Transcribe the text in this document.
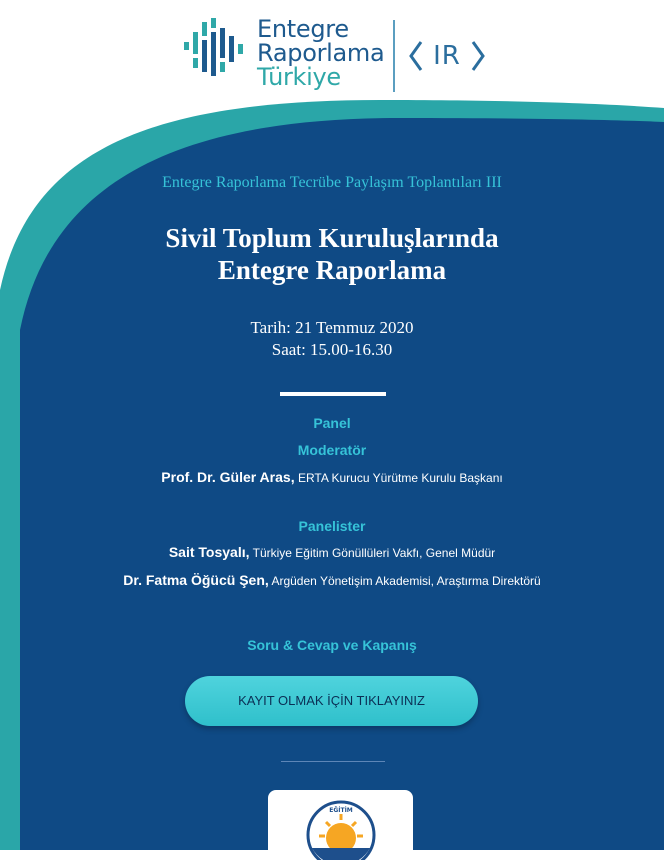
Entegre
Raporlama
Türkiye
IR
Entegre Raporlama Tecrübe Paylaşım Toplantıları III
Sivil Toplum Kuruluşlarında
Entegre Raporlama
Tarih: 21 Temmuz 2020
Saat: 15.00-16.30
Panel
Moderatör
Prof. Dr. Güler Aras, ERTA Kurucu Yürütme Kurulu Başkanı
Panelister
Sait Tosyalı, Türkiye Eğitim Gönüllüleri Vakfı, Genel Müdür
Dr. Fatma Öğücü Şen, Argüden Yönetişim Akademisi, Araştırma Direktörü
Soru & Cevap ve Kapanış
KAYIT OLMAK İÇİN TIKLAYINIZ
EĞİTİM
